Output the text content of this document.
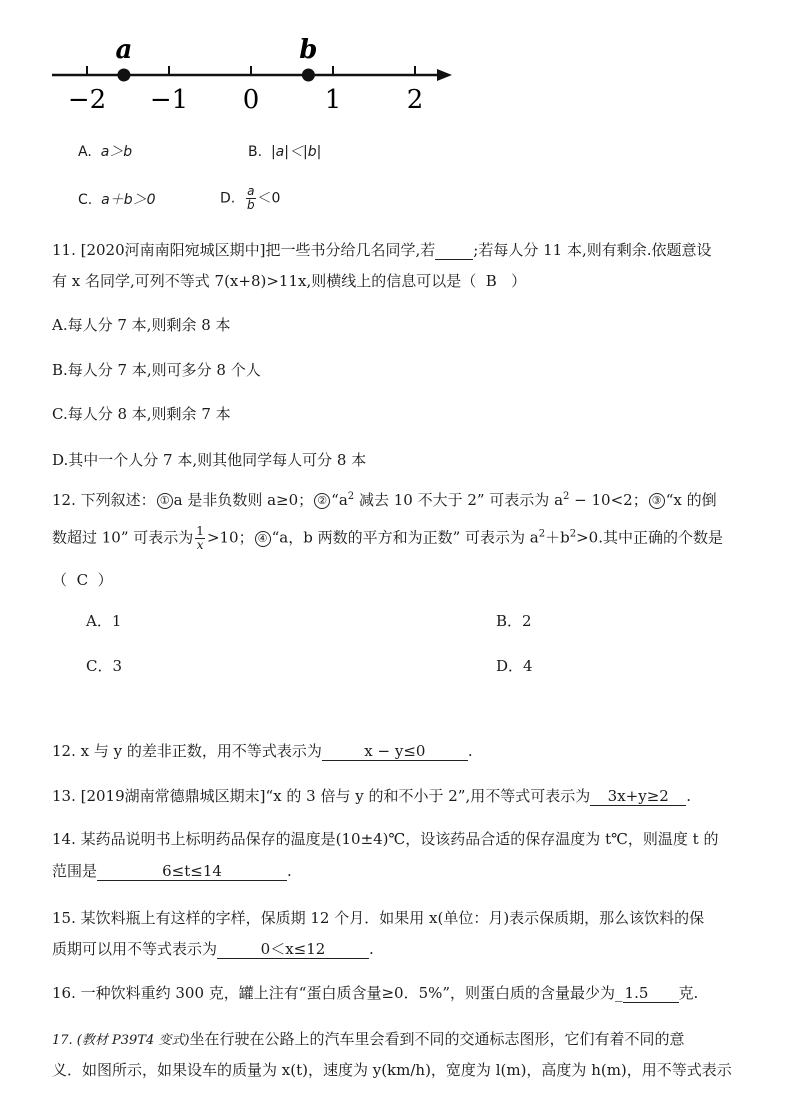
−2 −1 0	1	2
a	b
A. a＞b	B. |a|＜|b|
C. a＋b＞0	D. $\frac{a}{b} <0$
11. [2020河南南阳宛城区期中]把一些书分给几名同学,若	;若每人分 11 本,则有剩余.依题意设
有 x 名同学,可列不等式 7(x+8)>11x,则横线上的信息可以是（ B ）
A.每人分 7 本,则剩余 8 本
B.每人分 7 本,则可多分 8 个人
C.每人分 8 本,则剩余 7 本
D.其中一个人分 7 本,则其他同学每人可分 8 本
12. 下列叙述： ① a 是非负数则 a≥0； ② “$a^2$ 减去 10 不大于 2” 可表示为 $a^2 - 10<2$； ③ “x 的倒
数超过 10” 可表示为 $\frac{1}{x} >10$； ④ “a，b 两数的平方和为正数” 可表示为 $a^2+b^2>0$.其中正确的个数是
（ C ）
A．1	B．2
C．3	D．4
12. x 与 y 的差非正数，用不等式表示为	x − y≤0	.
13. [2019湖南常德鼎城区期末]“x 的 3 倍与 y 的和不小于 2”,用不等式可表示为 3x+y≥2 .
14. 某药品说明书上标明药品保存的温度是(10±4)℃，设该药品合适的保存温度为 t℃，则温度 t 的
范围是	6≤t≤14	.
15. 某饮料瓶上有这样的字样，保质期 12 个月．如果用 x(单位：月)表示保质期，那么该饮料的保
质期可以用不等式表示为	0＜x≤12	.
16. 一种饮料重约 300 克，罐上注有“蛋白质含量≥0．5%”，则蛋白质的含量最少为_ 1.5 克.
17. (教材 P39T4 变式)坐在行驶在公路上的汽车里会看到不同的交通标志图形，它们有着不同的意
义．如图所示，如果设车的质量为 x(t)，速度为 y(km/h)，宽度为 l(m)，高度为 h(m)，用不等式表示
